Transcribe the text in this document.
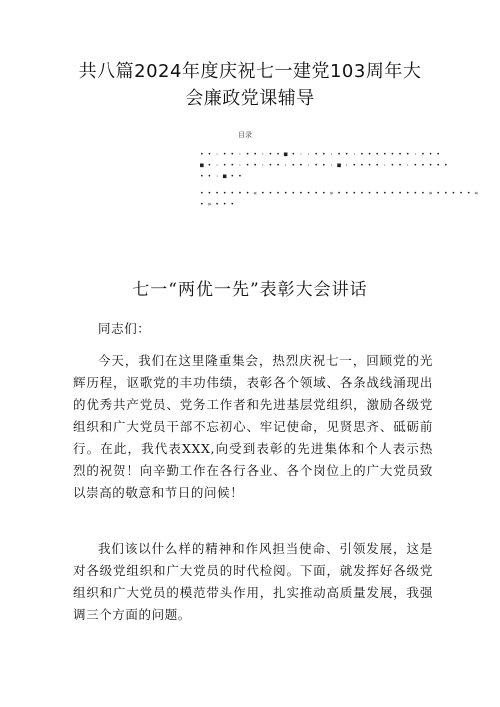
共八篇2024年度庆祝七一建党103周年大
会廉政党课辅导
目录
• • · • • · • • · • • ■ • · · • • · • • · • • • • • • • · • • •
■ • · • • · • • · • • · • • · • • · ■ · • • • • · • • · • • • • •
• • · ■ • •
• • • • • • • « • • • • • • • • • » • • • • • • • • • • • • » • • • • • «
• » • • •
七一“两优一先”表彰大会讲话

同志们：

今天，我们在这里隆重集会，热烈庆祝七一，回顾党的光辉历程，讴歌党的丰功伟绩，表彰各个领域、各条战线涌现出的优秀共产党员、党务工作者和先进基层党组织，激励各级党组织和广大党员干部不忘初心、牢记使命，见贤思齐、砥砺前行。在此，我代表XXX,向受到表彰的先进集体和个人表示热烈的祝贺！向辛勤工作在各行各业、各个岗位上的广大党员致以崇高的敬意和节日的问候！

我们该以什么样的精神和作风担当使命、引领发展，这是对各级党组织和广大党员的时代检阅。下面，就发挥好各级党组织和广大党员的模范带头作用，扎实推动高质量发展，我强调三个方面的问题。
